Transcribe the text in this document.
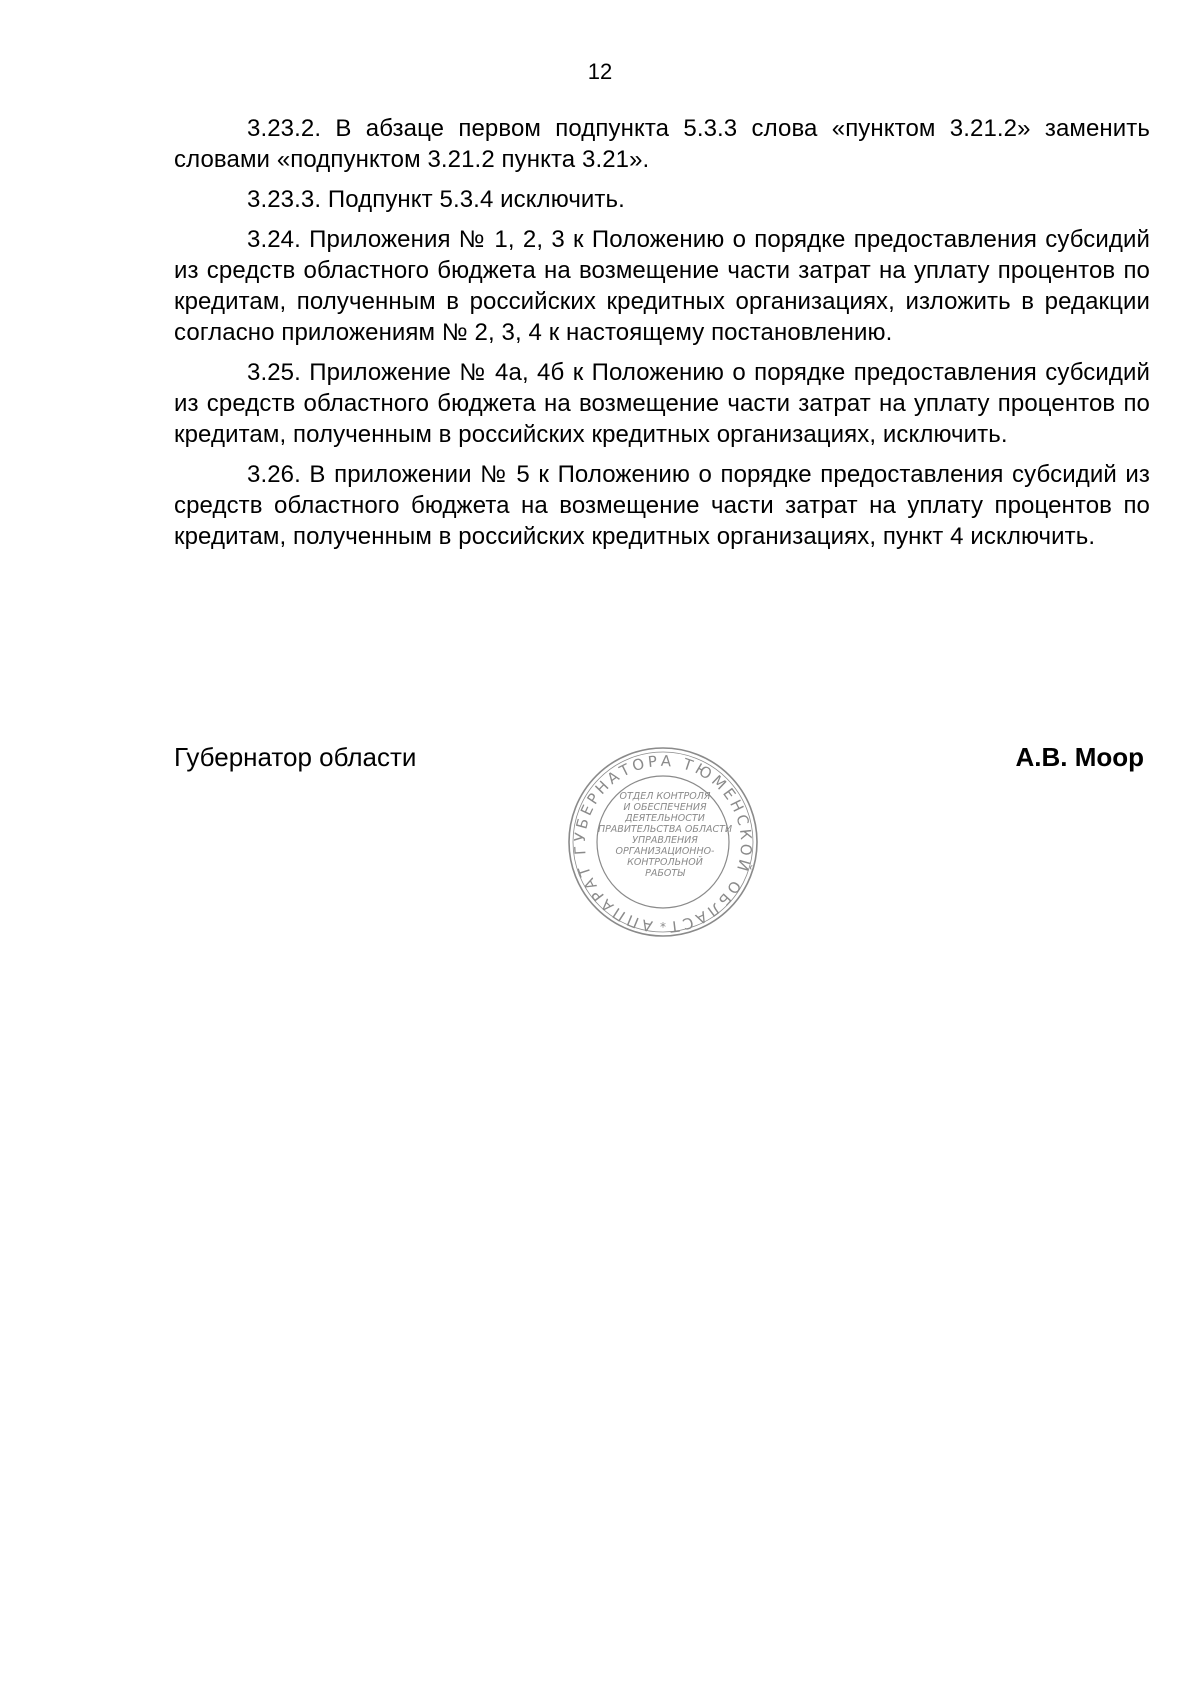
12

3.23.2. В абзаце первом подпункта 5.3.3 слова «пунктом 3.21.2» заменить словами «подпунктом 3.21.2 пункта 3.21».

3.23.3. Подпункт 5.3.4 исключить.

3.24. Приложения № 1, 2, 3 к Положению о порядке предоставления субсидий из средств областного бюджета на возмещение части затрат на уплату процентов по кредитам, полученным в российских кредитных организациях, изложить в редакции согласно приложениям № 2, 3, 4 к настоящему постановлению.

3.25. Приложение № 4а, 4б к Положению о порядке предоставления субсидий из средств областного бюджета на возмещение части затрат на уплату процентов по кредитам, полученным в российских кредитных организациях, исключить.

3.26. В приложении № 5 к Положению о порядке предоставления субсидий из средств областного бюджета на возмещение части затрат на уплату процентов по кредитам, полученным в российских кредитных организациях, пункт 4 исключить.

Губернатор области	А.В. Моор
АППАРАТ ГУБЕРНАТОРА ТЮМЕНСКОЙ ОБЛАСТ
ОТДЕЛ КОНТРОЛЯ
И ОБЕСПЕЧЕНИЯ
ДЕЯТЕЛЬНОСТИ
ПРАВИТЕЛЬСТВА ОБЛАСТИ
УПРАВЛЕНИЯ
ОРГАНИЗАЦИОННО-
КОНТРОЛЬНОЙ
РАБОТЫ
*
